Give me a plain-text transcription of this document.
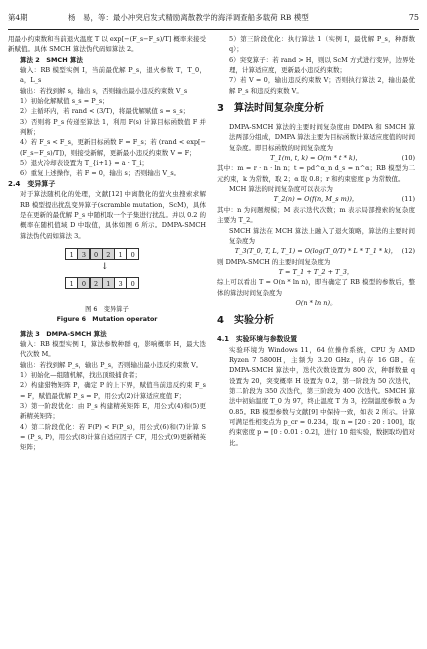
第4期	杨　易，等：最小冲突启发式精励离散教学的海洋调查船多载荷 RB 模型	75

用最小约束数和当前退火温度 T 以 exp[−(F_s−F_s)/T] 概率来接受新赋值。具体 SMCH 算法伪代码如算法 2。

算法 2　SMCH 算法

输入：RB 模型实例 I，当前最优解 P_s，退火参数 T，T_0，a，L_s

输出：若找到解 s，输出 s，否则输出最小违反约束数 V_s

1）初始化解赋值 s_s = P_s；

2）主循环内，若 rand < (3/T)，将最优解赋值 s = s_s；

3）否则将 P_s 传递至算法 1，利用 F(s) 计算目标函数值 F 并判断；

4）若 F_s < F_s，更新目标函数 F = F_s；若 (rand < exp[−(F_s−F_s)/T])，则接受新解，更新最小违反约束数 V = F；

5）退火冷却表设置为 T_{i+1} = a · T_i；

6）重复上述操作，若 F = 0，输出 s；否则输出 V_s。

2.4　变异算子

对于算法随机化的处理，文献[12] 中离散化的萤火虫搜索求解 RB 模型提出扰乱变异算子(scramble mutation，ScM)，具体是在更新的最优解 P_s 中随机取一个子集进行扰乱。并以 0.2 的概率在随机值域 D 中取值，具体如图 6 所示。DMPA-SMCH 算法伪代码如算法 3。

1	3	0	2	1	0
↓
1	0	2	1	3	0
图 6　变异算子
Figure 6　Mutation operator

算法 3　DMPA-SMCH 算法

输入：RB 模型实例 I，算法参数种群 q，影响概率 H，最大迭代次数 M。

输出：若找到解 P_s，输出 P_s，否则输出最小违反约束数 V。

1）初始化—组随机解，找出顶级捕食者；

2）构建猎物矩阵 P，确定 P 的上下界，赋值当前违反约束 F_s = F，赋值最优解 P_s = P，用公式(2)计算适应度值 F；

3）第一阶段优化：由 P_s 构建精英矩阵 E，用公式(4)和(5)更新精英矩阵；

4）第二阶段优化：若 F(P) < F(P_s)，用公式(6)和(7)计算 S = (P_s, P)，用公式(8)计算自适应因子 CF，用公式(9)更新精英矩阵；

5）第三阶段优化：执行算法 1（实例 I，最优解 P_s，种群数 q）；

6）突变算子：若 rand > H，则以 ScM 方式进行变异，边界处理，计算适应度，更新最小违反约束数；

7）若 V = 0，输出违反约束数 V；否则执行算法 2，输出最优解 P_s 和违反约束数 V。

3　算法时间复杂度分析

DMPA-SMCH 算法的主要时间复杂度由 DMPA 和 SMCH 算法两部分组成，DMPA 算法主要为目标函数计算适应度值的时间复杂度。即目标函数的时间复杂度为

T_1(m, t, k) = O(m * t * k)，	(10)

其中：m = r · n · ln n；t = pd^α_n d_s = n^α；RB 模型为二元约束，k 为常数，取 2；α 取 0.8；r 和约束密度 p 为常数值。

MCH 算法的时间复杂度可以表示为

T_2(n) = O(f(n, M_s m))，	(11)

其中：n 为问题规模；M 表示迭代次数；m 表示局部搜索的复杂度主要为 T_2。

SMCH 算法在 MCH 算法上融入了退火策略，算法的主要时间复杂度为

T_3(T_0, T, L, T_1) = O(log(T_0/T) * L * T_1 * k)， (12)

则 DMPA-SMCH 的主要时间复杂度为

T = T_1 + T_2 + T_3，

综上可以看出 T = O(n * ln n)，即当确定了 RB 模型的参数后，整体的算法时间复杂度为

O(n * ln n)。
4　实验分析
4.1　实验环境与参数设置

实验环境为 Windows 11，64 位操作系统，CPU 为 AMD Ryzen 7 5800H，主频为 3.20 GHz，内存 16 GB。在 DMPA-SMCH 算法中，迭代次数设置为 800 次，种群数量 q 设置为 20，突变概率 H 设置为 0.2，第一阶段为 50 次迭代，第二阶段为 350 次迭代，第三阶段为 400 次迭代。SMCH 算法中初始温度 T_0 为 97，终止温度 T 为 3，控制温度参数 a 为 0.85。RB 模型参数与文献[9] 中保持一致，如表 2 所示。计算可满足性相变点为 p_cr = 0.234，取 n = [20 : 20 : 100]，取约束密度 p = [0 : 0.01 : 0.2]，进行 10 组实验，数据取均值对比。
